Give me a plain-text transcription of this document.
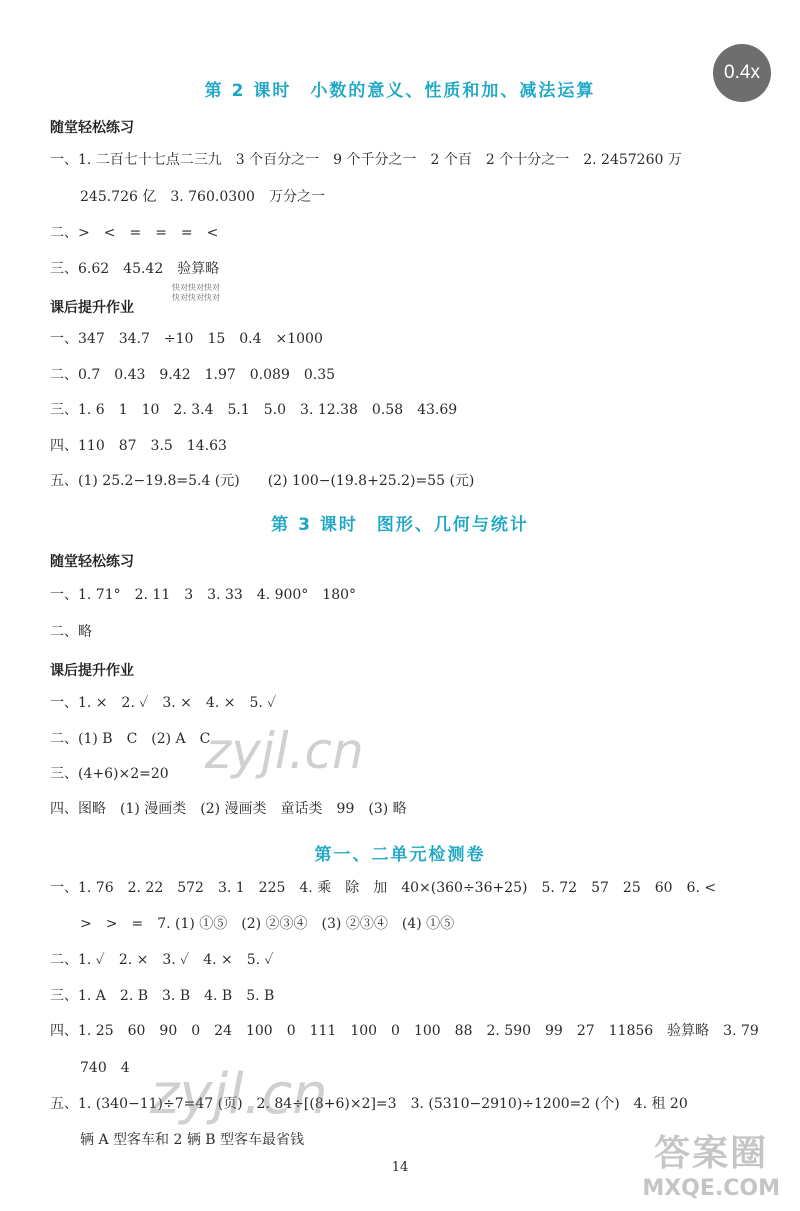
0.4x
第 2 课时　小数的意义、性质和加、减法运算
随堂轻松练习
一、1. 二百七十七点二三九　3 个百分之一　9 个千分之一　2 个百　2 个十分之一　2. 2457260 万
245.726 亿　3. 760.0300　万分之一
二、>　<　=　=　=　<
三、6.62　45.42　验算略
快对快对快对
快对快对快对
课后提升作业
一、347　34.7　÷10　15　0.4　×1000
二、0.7　0.43　9.42　1.97　0.089　0.35
三、1. 6　1　10　2. 3.4　5.1　5.0　3. 12.38　0.58　43.69
四、110　87　3.5　14.63
五、(1) 25.2−19.8=5.4 (元)　　(2) 100−(19.8+25.2)=55 (元)
第 3 课时　图形、几何与统计
随堂轻松练习
一、1. 71°　2. 11　3　3. 33　4. 900°　180°
二、略
课后提升作业
一、1. ×　2. ✓　3. ×　4. ×　5. ✓
二、(1) B　C　(2) A　C
三、(4+6)×2=20
四、图略　(1) 漫画类　(2) 漫画类　童话类　99　(3) 略
第一、二单元检测卷
一、1. 76　2. 22　572　3. 1　225　4. 乘　除　加　40×(360÷36+25)　5. 72　57　25　60　6. <
>　>　=　7. (1) ①⑤　(2) ②③④　(3) ②③④　(4) ①⑤
二、1. ✓　2. ×　3. ✓　4. ×　5. ✓
三、1. A　2. B　3. B　4. B　5. B
四、1. 25　60　90　0　24　100　0　111　100　0　100　88　2. 590　99　27　11856　验算略　3. 79
740　4
五、1. (340−11)÷7=47 (页)　2. 84÷[(8+6)×2]=3　3. (5310−2910)÷1200=2 (个)　4. 租 20
辆 A 型客车和 2 辆 B 型客车最省钱
14
zyjl.cn
zyjl.cn
答案圈
MXQE.COM
